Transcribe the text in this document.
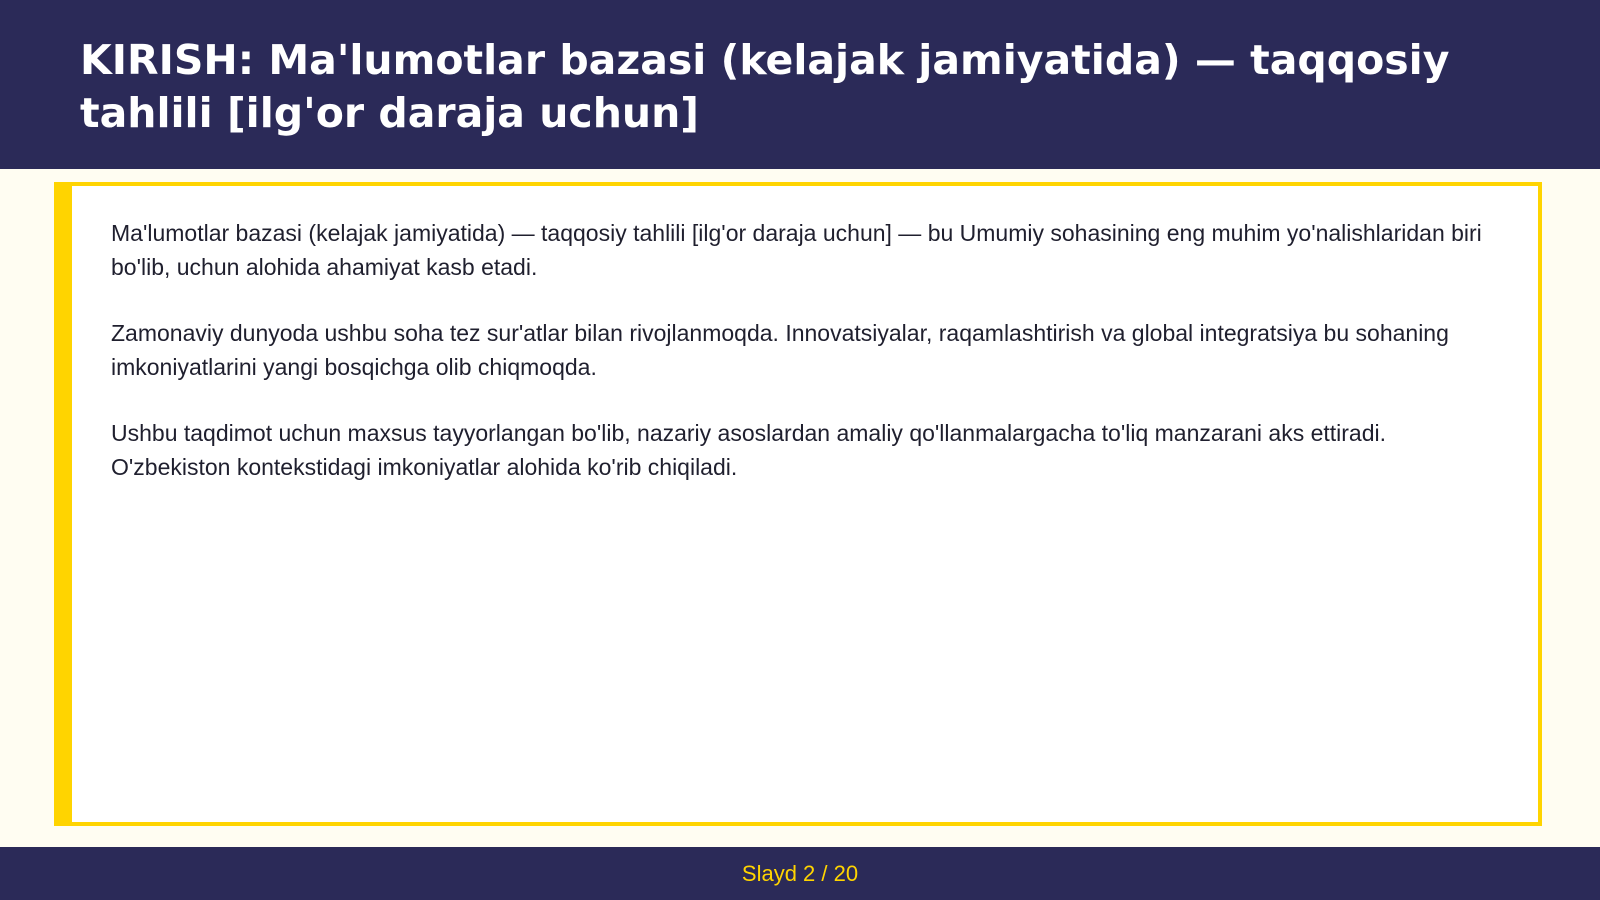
KIRISH: Ma'lumotlar bazasi (kelajak jamiyatida) — taqqosiy tahlili [ilg'or daraja uchun]

Ma'lumotlar bazasi (kelajak jamiyatida) — taqqosiy tahlili [ilg'or daraja uchun] — bu Umumiy sohasining eng muhim yo'nalishlaridan biri bo'lib, uchun alohida ahamiyat kasb etadi.

Zamonaviy dunyoda ushbu soha tez sur'atlar bilan rivojlanmoqda. Innovatsiyalar, raqamlashtirish va global integratsiya bu sohaning imkoniyatlarini yangi bosqichga olib chiqmoqda.

Ushbu taqdimot uchun maxsus tayyorlangan bo'lib, nazariy asoslardan amaliy qo'llanmalargacha to'liq manzarani aks ettiradi. O'zbekiston kontekstidagi imkoniyatlar alohida ko'rib chiqiladi.

Slayd 2 / 20
